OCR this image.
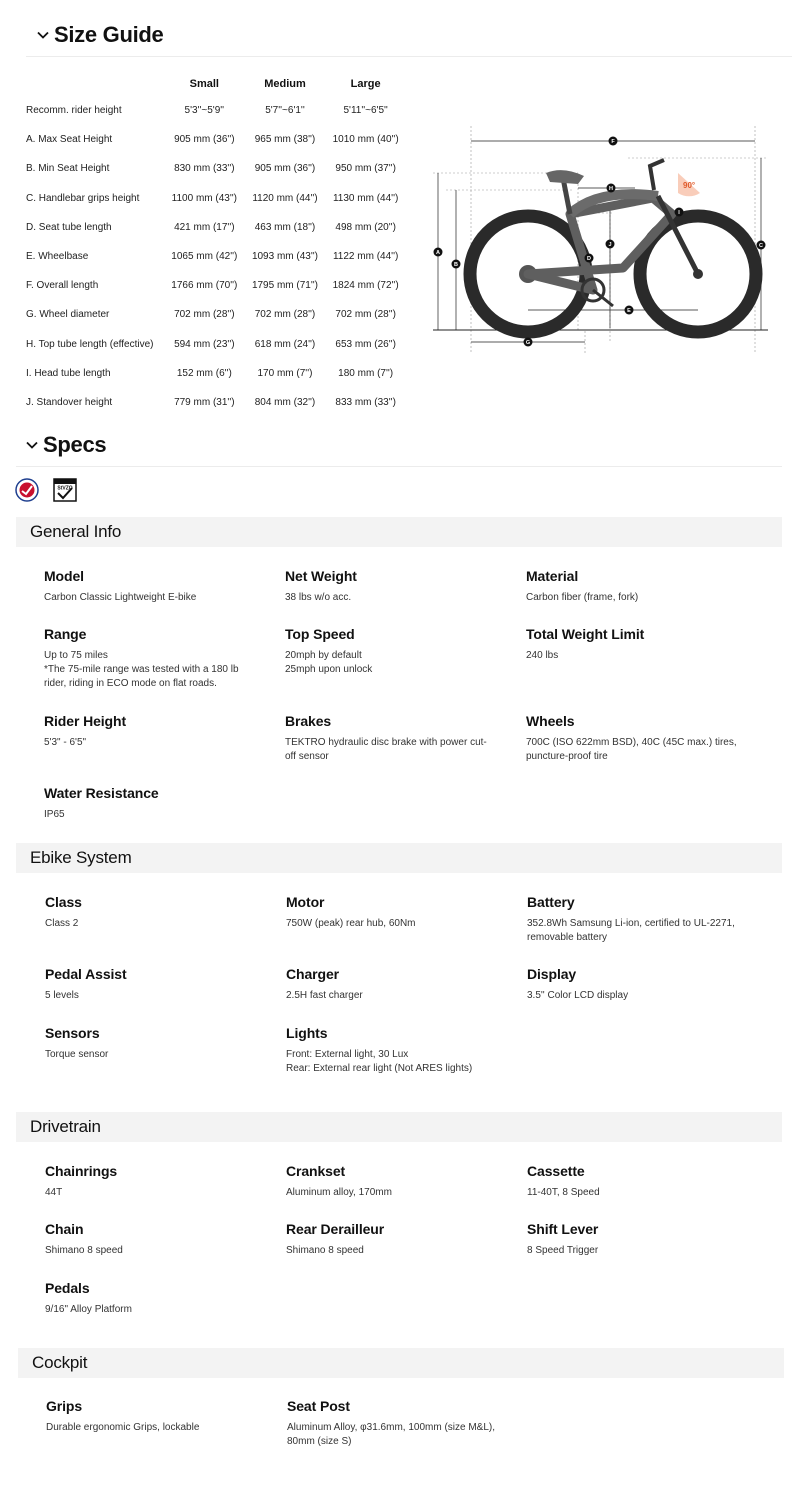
Size Guide
	Small	Medium	Large
Recomm. rider height	5'3''~5'9''	5'7''~6'1''	5'11''~6'5''
A. Max Seat Height	905 mm (36'')	965 mm (38'')	1010 mm (40'')
B. Min Seat Height	830 mm (33'')	905 mm (36'')	950 mm (37'')
C. Handlebar grips height	1100 mm (43'')	1120 mm (44'')	1130 mm (44'')
D. Seat tube length	421 mm (17'')	463 mm (18'')	498 mm (20'')
E. Wheelbase	1065 mm (42'')	1093 mm (43'')	1122 mm (44'')
F. Overall length	1766 mm (70'')	1795 mm (71'')	1824 mm (72'')
G. Wheel diameter	702 mm (28'')	702 mm (28'')	702 mm (28'')
H. Top tube length (effective)	594 mm (23'')	618 mm (24'')	653 mm (26'')
I. Head tube length	152 mm (6'')	170 mm (7'')	180 mm (7'')
J. Standover height	779 mm (31'')	804 mm (32'')	833 mm (33'')
90°
A
B
C
D
E
F
G
H
I
J
Specs
StVZO
General Info
Model
Carbon Classic Lightweight E-bike
Net Weight
38 lbs w/o acc.
Material
Carbon fiber (frame, fork)
Range
Up to 75 miles
*The 75-mile range was tested with a 180 lb
rider, riding in ECO mode on flat roads.
Top Speed
20mph by default
25mph upon unlock
Total Weight Limit
240 lbs
Rider Height
5'3" - 6'5"
Brakes
TEKTRO hydraulic disc brake with power cut-
off sensor
Wheels
700C (ISO 622mm BSD), 40C (45C max.) tires,
puncture-proof tire
Water Resistance
IP65
Ebike System
Class
Class 2
Motor
750W (peak) rear hub, 60Nm
Battery
352.8Wh Samsung Li-ion, certified to UL-2271,
removable battery
Pedal Assist
5 levels
Charger
2.5H fast charger
Display
3.5'' Color LCD display
Sensors
Torque sensor
Lights
Front: External light, 30 Lux
Rear: External rear light (Not ARES lights)
Drivetrain
Chainrings
44T
Crankset
Aluminum alloy, 170mm
Cassette
11-40T, 8 Speed
Chain
Shimano 8 speed
Rear Derailleur
Shimano 8 speed
Shift Lever
8 Speed Trigger
Pedals
9/16" Alloy Platform
Cockpit
Grips
Durable ergonomic Grips, lockable
Seat Post
Aluminum Alloy, φ31.6mm, 100mm (size M&L),
80mm (size S)
